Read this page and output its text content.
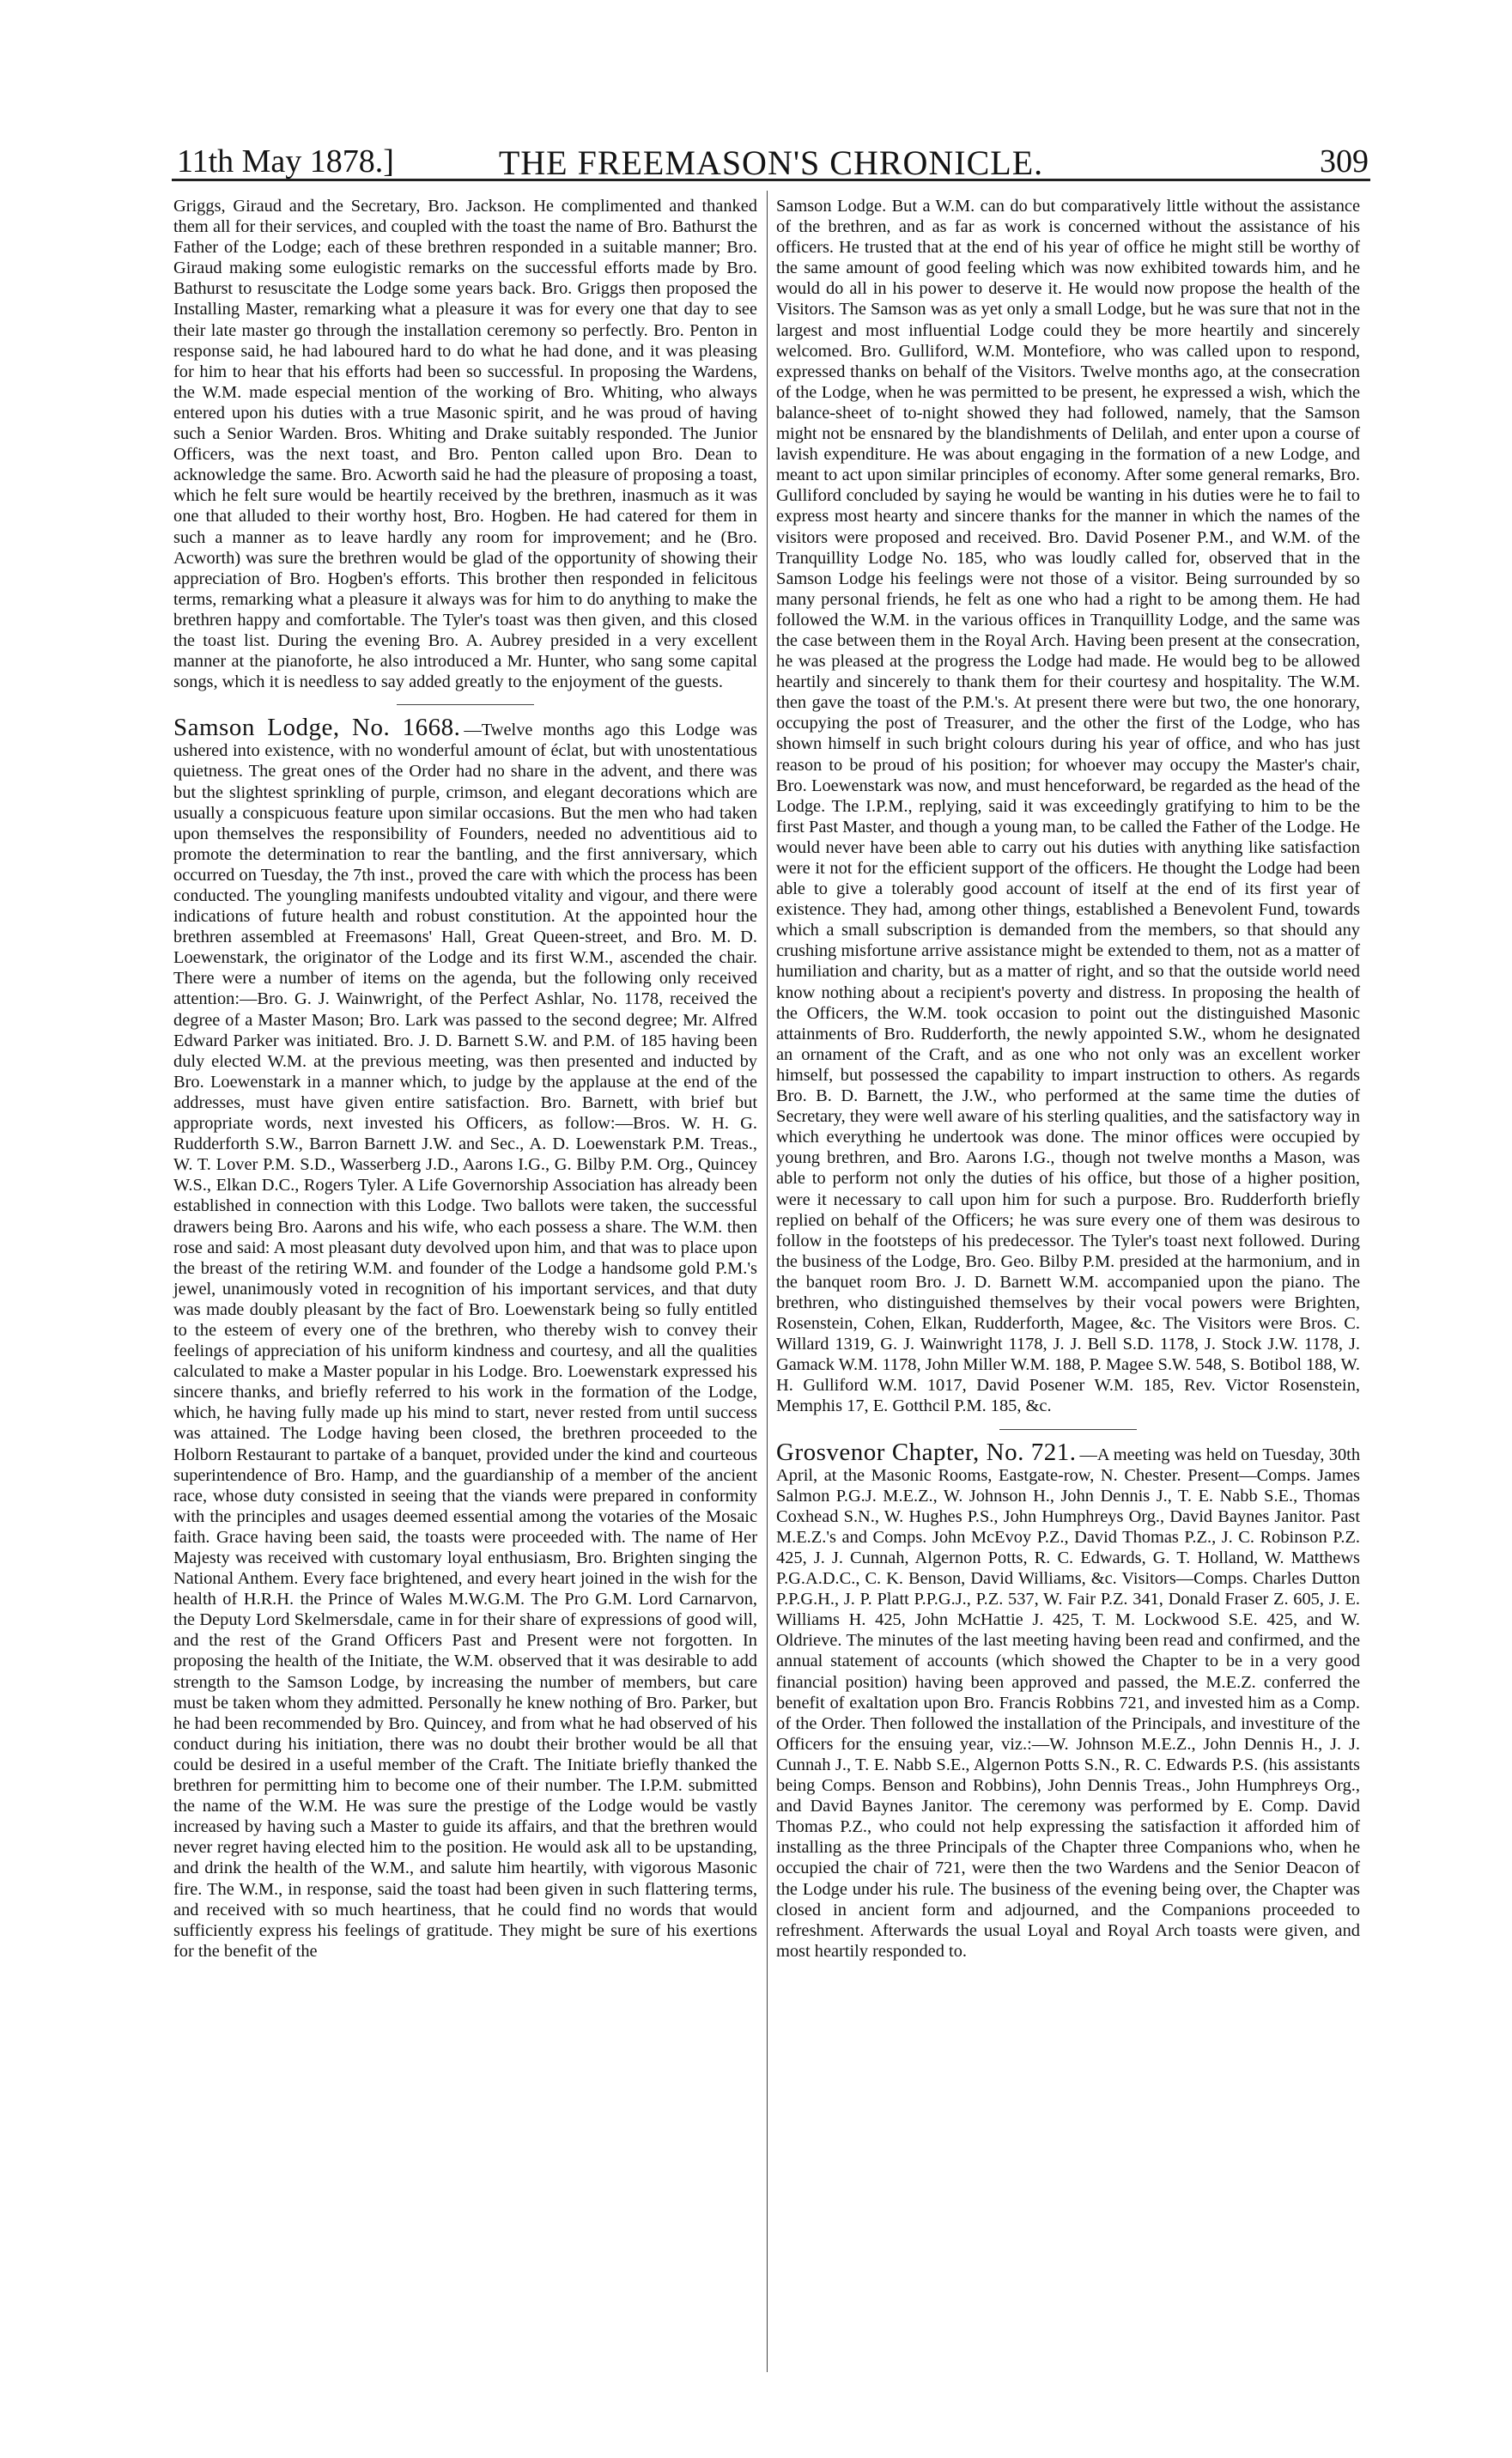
11th May 1878.]	THE FREEMASON'S CHRONICLE.	309

Griggs, Giraud and the Secretary, Bro. Jackson. He complimented and thanked them all for their services, and coupled with the toast the name of Bro. Bathurst the Father of the Lodge; each of these brethren responded in a suitable manner; Bro. Giraud making some eulogistic remarks on the successful efforts made by Bro. Bathurst to resuscitate the Lodge some years back. Bro. Griggs then proposed the Installing Master, remarking what a pleasure it was for every one that day to see their late master go through the installation ceremony so perfectly. Bro. Penton in response said, he had laboured hard to do what he had done, and it was pleasing for him to hear that his efforts had been so successful. In proposing the Wardens, the W.M. made especial mention of the working of Bro. Whiting, who always entered upon his duties with a true Masonic spirit, and he was proud of having such a Senior Warden. Bros. Whiting and Drake suitably responded. The Junior Officers, was the next toast, and Bro. Penton called upon Bro. Dean to acknowledge the same. Bro. Acworth said he had the pleasure of proposing a toast, which he felt sure would be heartily received by the brethren, inasmuch as it was one that alluded to their worthy host, Bro. Hogben. He had catered for them in such a manner as to leave hardly any room for improvement; and he (Bro. Acworth) was sure the brethren would be glad of the opportunity of showing their appreciation of Bro. Hogben's efforts. This brother then responded in felicitous terms, remarking what a pleasure it always was for him to do anything to make the brethren happy and comfortable. The Tyler's toast was then given, and this closed the toast list. During the evening Bro. A. Aubrey presided in a very excellent manner at the pianoforte, he also introduced a Mr. Hunter, who sang some capital songs, which it is needless to say added greatly to the enjoyment of the guests.

Samson Lodge, No. 1668. —Twelve months ago this Lodge was ushered into existence, with no wonderful amount of éclat, but with unostentatious quietness. The great ones of the Order had no share in the advent, and there was but the slightest sprinkling of purple, crimson, and elegant decorations which are usually a conspicuous feature upon similar occasions. But the men who had taken upon themselves the responsibility of Founders, needed no adventitious aid to promote the determination to rear the bantling, and the first anniversary, which occurred on Tuesday, the 7th inst., proved the care with which the process has been conducted. The youngling manifests undoubted vitality and vigour, and there were indications of future health and robust constitution. At the appointed hour the brethren assembled at Freemasons' Hall, Great Queen-street, and Bro. M. D. Loewenstark, the originator of the Lodge and its first W.M., ascended the chair. There were a number of items on the agenda, but the following only received attention:—Bro. G. J. Wainwright, of the Perfect Ashlar, No. 1178, received the degree of a Master Mason; Bro. Lark was passed to the second degree; Mr. Alfred Edward Parker was initiated. Bro. J. D. Barnett S.W. and P.M. of 185 having been duly elected W.M. at the previous meeting, was then presented and inducted by Bro. Loewenstark in a manner which, to judge by the applause at the end of the addresses, must have given entire satisfaction. Bro. Barnett, with brief but appropriate words, next invested his Officers, as follow:—Bros. W. H. G. Rudderforth S.W., Barron Barnett J.W. and Sec., A. D. Loewenstark P.M. Treas., W. T. Lover P.M. S.D., Wasserberg J.D., Aarons I.G., G. Bilby P.M. Org., Quincey W.S., Elkan D.C., Rogers Tyler. A Life Governorship Association has already been established in connection with this Lodge. Two ballots were taken, the successful drawers being Bro. Aarons and his wife, who each possess a share. The W.M. then rose and said: A most pleasant duty devolved upon him, and that was to place upon the breast of the retiring W.M. and founder of the Lodge a handsome gold P.M.'s jewel, unanimously voted in recognition of his important services, and that duty was made doubly pleasant by the fact of Bro. Loewenstark being so fully entitled to the esteem of every one of the brethren, who thereby wish to convey their feelings of appreciation of his uniform kindness and courtesy, and all the qualities calculated to make a Master popular in his Lodge. Bro. Loewenstark expressed his sincere thanks, and briefly referred to his work in the formation of the Lodge, which, he having fully made up his mind to start, never rested from until success was attained. The Lodge having been closed, the brethren proceeded to the Holborn Restaurant to partake of a banquet, provided under the kind and courteous superintendence of Bro. Hamp, and the guardianship of a member of the ancient race, whose duty consisted in seeing that the viands were prepared in conformity with the principles and usages deemed essential among the votaries of the Mosaic faith. Grace having been said, the toasts were proceeded with. The name of Her Majesty was received with customary loyal enthusiasm, Bro. Brighten singing the National Anthem. Every face brightened, and every heart joined in the wish for the health of H.R.H. the Prince of Wales M.W.G.M. The Pro G.M. Lord Carnarvon, the Deputy Lord Skelmersdale, came in for their share of expressions of good will, and the rest of the Grand Officers Past and Present were not forgotten. In proposing the health of the Initiate, the W.M. observed that it was desirable to add strength to the Samson Lodge, by increasing the number of members, but care must be taken whom they admitted. Personally he knew nothing of Bro. Parker, but he had been recommended by Bro. Quincey, and from what he had observed of his conduct during his initiation, there was no doubt their brother would be all that could be desired in a useful member of the Craft. The Initiate briefly thanked the brethren for permitting him to become one of their number. The I.P.M. submitted the name of the W.M. He was sure the prestige of the Lodge would be vastly increased by having such a Master to guide its affairs, and that the brethren would never regret having elected him to the position. He would ask all to be upstanding, and drink the health of the W.M., and salute him heartily, with vigorous Masonic fire. The W.M., in response, said the toast had been given in such flattering terms, and received with so much heartiness, that he could find no words that would sufficiently express his feelings of gratitude. They might be sure of his exertions for the benefit of the

Samson Lodge. But a W.M. can do but comparatively little without the assistance of the brethren, and as far as work is concerned without the assistance of his officers. He trusted that at the end of his year of office he might still be worthy of the same amount of good feeling which was now exhibited towards him, and he would do all in his power to deserve it. He would now propose the health of the Visitors. The Samson was as yet only a small Lodge, but he was sure that not in the largest and most influential Lodge could they be more heartily and sincerely welcomed. Bro. Gulliford, W.M. Montefiore, who was called upon to respond, expressed thanks on behalf of the Visitors. Twelve months ago, at the consecration of the Lodge, when he was permitted to be present, he expressed a wish, which the balance-sheet of to-night showed they had followed, namely, that the Samson might not be ensnared by the blandishments of Delilah, and enter upon a course of lavish expenditure. He was about engaging in the formation of a new Lodge, and meant to act upon similar principles of economy. After some general remarks, Bro. Gulliford concluded by saying he would be wanting in his duties were he to fail to express most hearty and sincere thanks for the manner in which the names of the visitors were proposed and received. Bro. David Posener P.M., and W.M. of the Tranquillity Lodge No. 185, who was loudly called for, observed that in the Samson Lodge his feelings were not those of a visitor. Being surrounded by so many personal friends, he felt as one who had a right to be among them. He had followed the W.M. in the various offices in Tranquillity Lodge, and the same was the case between them in the Royal Arch. Having been present at the consecration, he was pleased at the progress the Lodge had made. He would beg to be allowed heartily and sincerely to thank them for their courtesy and hospitality. The W.M. then gave the toast of the P.M.'s. At present there were but two, the one honorary, occupying the post of Treasurer, and the other the first of the Lodge, who has shown himself in such bright colours during his year of office, and who has just reason to be proud of his position; for whoever may occupy the Master's chair, Bro. Loewenstark was now, and must henceforward, be regarded as the head of the Lodge. The I.P.M., replying, said it was exceedingly gratifying to him to be the first Past Master, and though a young man, to be called the Father of the Lodge. He would never have been able to carry out his duties with anything like satisfaction were it not for the efficient support of the officers. He thought the Lodge had been able to give a tolerably good account of itself at the end of its first year of existence. They had, among other things, established a Benevolent Fund, towards which a small subscription is demanded from the members, so that should any crushing misfortune arrive assistance might be extended to them, not as a matter of humiliation and charity, but as a matter of right, and so that the outside world need know nothing about a recipient's poverty and distress. In proposing the health of the Officers, the W.M. took occasion to point out the distinguished Masonic attainments of Bro. Rudderforth, the newly appointed S.W., whom he designated an ornament of the Craft, and as one who not only was an excellent worker himself, but possessed the capability to impart instruction to others. As regards Bro. B. D. Barnett, the J.W., who performed at the same time the duties of Secretary, they were well aware of his sterling qualities, and the satisfactory way in which everything he undertook was done. The minor offices were occupied by young brethren, and Bro. Aarons I.G., though not twelve months a Mason, was able to perform not only the duties of his office, but those of a higher position, were it necessary to call upon him for such a purpose. Bro. Rudderforth briefly replied on behalf of the Officers; he was sure every one of them was desirous to follow in the footsteps of his predecessor. The Tyler's toast next followed. During the business of the Lodge, Bro. Geo. Bilby P.M. presided at the harmonium, and in the banquet room Bro. J. D. Barnett W.M. accompanied upon the piano. The brethren, who distinguished themselves by their vocal powers were Brighten, Rosenstein, Cohen, Elkan, Rudderforth, Magee, &c. The Visitors were Bros. C. Willard 1319, G. J. Wainwright 1178, J. J. Bell S.D. 1178, J. Stock J.W. 1178, J. Gamack W.M. 1178, John Miller W.M. 188, P. Magee S.W. 548, S. Botibol 188, W. H. Gulliford W.M. 1017, David Posener W.M. 185, Rev. Victor Rosenstein, Memphis 17, E. Gotthcil P.M. 185, &c.

Grosvenor Chapter, No. 721. —A meeting was held on Tuesday, 30th April, at the Masonic Rooms, Eastgate-row, N. Chester. Present—Comps. James Salmon P.G.J. M.E.Z., W. Johnson H., John Dennis J., T. E. Nabb S.E., Thomas Coxhead S.N., W. Hughes P.S., John Humphreys Org., David Baynes Janitor. Past M.E.Z.'s and Comps. John McEvoy P.Z., David Thomas P.Z., J. C. Robinson P.Z. 425, J. J. Cunnah, Algernon Potts, R. C. Edwards, G. T. Holland, W. Matthews P.G.A.D.C., C. K. Benson, David Williams, &c. Visitors—Comps. Charles Dutton P.P.G.H., J. P. Platt P.P.G.J., P.Z. 537, W. Fair P.Z. 341, Donald Fraser Z. 605, J. E. Williams H. 425, John McHattie J. 425, T. M. Lockwood S.E. 425, and W. Oldrieve. The minutes of the last meeting having been read and confirmed, and the annual statement of accounts (which showed the Chapter to be in a very good financial position) having been approved and passed, the M.E.Z. conferred the benefit of exaltation upon Bro. Francis Robbins 721, and invested him as a Comp. of the Order. Then followed the installation of the Principals, and investiture of the Officers for the ensuing year, viz.:—W. Johnson M.E.Z., John Dennis H., J. J. Cunnah J., T. E. Nabb S.E., Algernon Potts S.N., R. C. Edwards P.S. (his assistants being Comps. Benson and Robbins), John Dennis Treas., John Humphreys Org., and David Baynes Janitor. The ceremony was performed by E. Comp. David Thomas P.Z., who could not help expressing the satisfaction it afforded him of installing as the three Principals of the Chapter three Companions who, when he occupied the chair of 721, were then the two Wardens and the Senior Deacon of the Lodge under his rule. The business of the evening being over, the Chapter was closed in ancient form and adjourned, and the Companions proceeded to refreshment. Afterwards the usual Loyal and Royal Arch toasts were given, and most heartily responded to.
